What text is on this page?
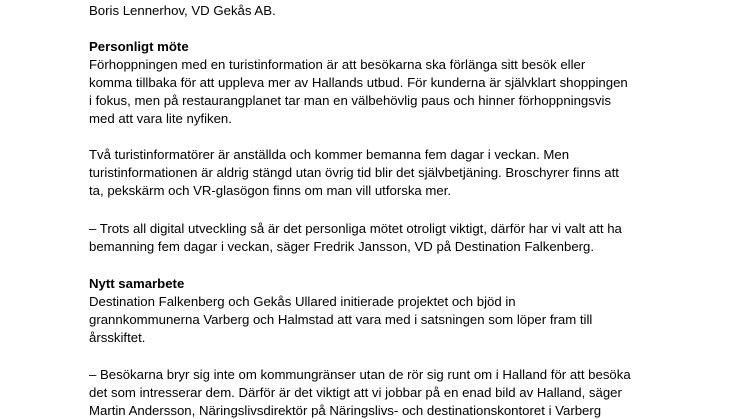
Boris Lennerhov, VD Gekås AB.
Personligt möte
Förhoppningen med en turistinformation är att besökarna ska förlänga sitt besök eller
komma tillbaka för att uppleva mer av Hallands utbud. För kunderna är självklart shoppingen
i fokus, men på restaurangplanet tar man en välbehövlig paus och hinner förhoppningsvis
med att vara lite nyfiken.
Två turistinformatörer är anställda och kommer bemanna fem dagar i veckan. Men
turistinformationen är aldrig stängd utan övrig tid blir det självbetjäning. Broschyrer finns att
ta, pekskärm och VR-glasögon finns om man vill utforska mer.
– Trots all digital utveckling så är det personliga mötet otroligt viktigt, därför har vi valt att ha
bemanning fem dagar i veckan, säger Fredrik Jansson, VD på Destination Falkenberg.
Nytt samarbete
Destination Falkenberg och Gekås Ullared initierade projektet och bjöd in
grannkommunerna Varberg och Halmstad att vara med i satsningen som löper fram till
årsskiftet.
– Besökarna bryr sig inte om kommungränser utan de rör sig runt om i Halland för att besöka
det som intresserar dem. Därför är det viktigt att vi jobbar på en enad bild av Halland, säger
Martin Andersson, Näringslivsdirektör på Näringslivs- och destinationskontoret i Varberg
